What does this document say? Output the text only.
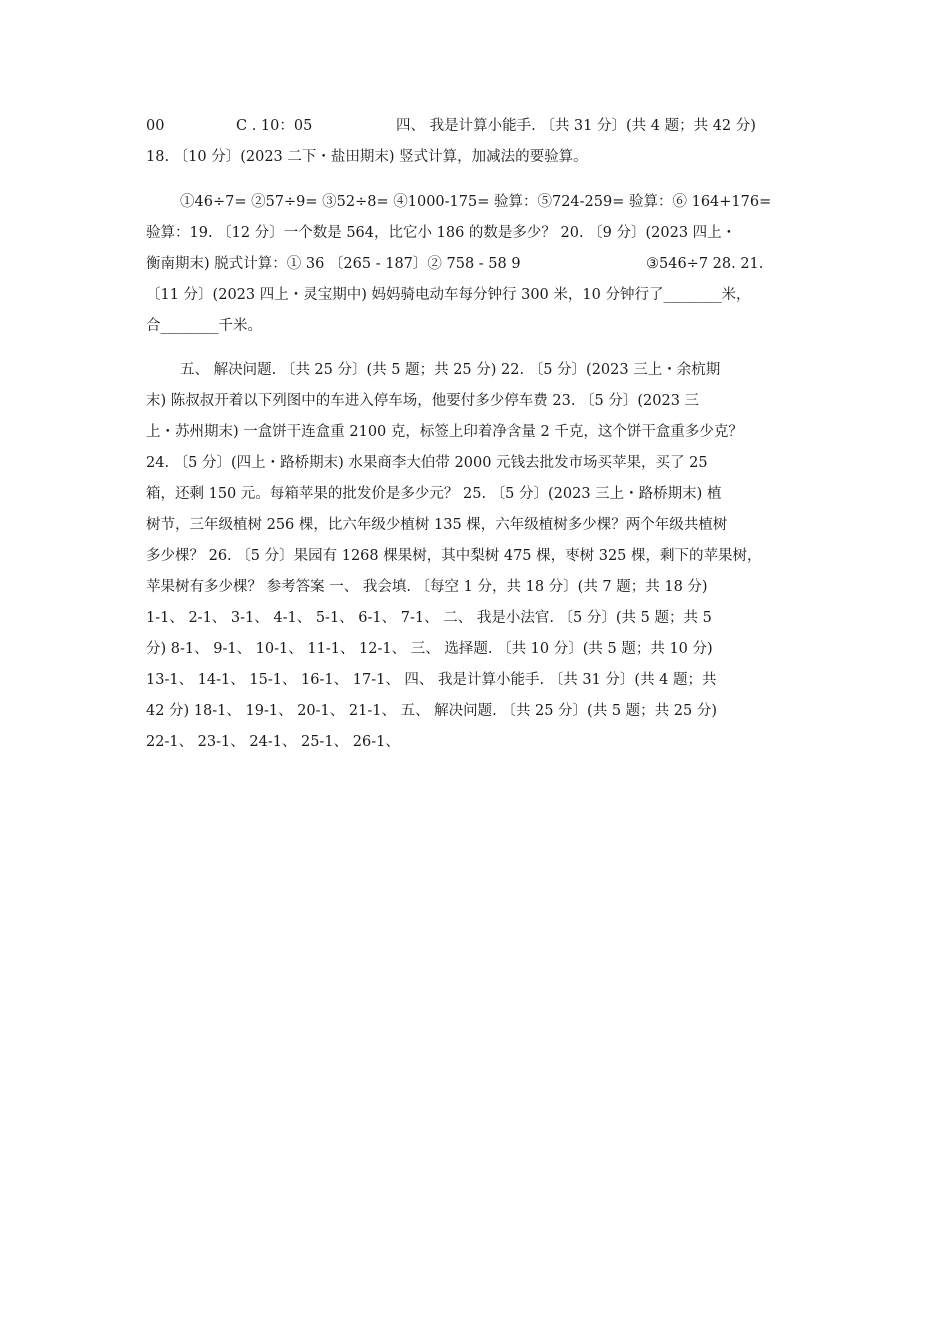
00	C . 10：05	四、 我是计算小能手. 〔共 31 分〕(共 4 题；共 42 分)
18. 〔10 分〕(2023 二下・盐田期末) 竖式计算，加减法的要验算。
①46÷7= ②57÷9= ③52÷8= ④1000-175= 验算：⑤724-259= 验算：⑥ 164+176=
验算：19. 〔12 分〕一个数是 564，比它小 186 的数是多少？ 20. 〔9 分〕(2023 四上・
衡南期末) 脱式计算：① 36 〔265 - 187〕② 758 - 58 9	③546÷7 28. 21.
〔11 分〕(2023 四上・灵宝期中) 妈妈骑电动车每分钟行 300 米，10 分钟行了________米，
合________千米。
五、 解决问题. 〔共 25 分〕(共 5 题；共 25 分) 22. 〔5 分〕(2023 三上・余杭期
末) 陈叔叔开着以下列图中的车进入停车场，他要付多少停车费 23. 〔5 分〕(2023 三
上・苏州期末) 一盒饼干连盒重 2100 克，标签上印着净含量 2 千克，这个饼干盒重多少克？
24. 〔5 分〕(四上・路桥期末) 水果商李大伯带 2000 元钱去批发市场买苹果，买了 25
箱，还剩 150 元。每箱苹果的批发价是多少元？ 25. 〔5 分〕(2023 三上・路桥期末) 植
树节，三年级植树 256 棵，比六年级少植树 135 棵，六年级植树多少棵？两个年级共植树
多少棵？ 26. 〔5 分〕果园有 1268 棵果树，其中梨树 475 棵，枣树 325 棵，剩下的苹果树，
苹果树有多少棵？ 参考答案 一、 我会填. 〔每空 1 分，共 18 分〕(共 7 题；共 18 分)
1-1、 2-1、 3-1、 4-1、 5-1、 6-1、 7-1、 二、 我是小法官. 〔5 分〕(共 5 题；共 5
分) 8-1、 9-1、 10-1、 11-1、 12-1、 三、 选择题. 〔共 10 分〕(共 5 题；共 10 分)
13-1、 14-1、 15-1、 16-1、 17-1、 四、 我是计算小能手. 〔共 31 分〕(共 4 题；共
42 分) 18-1、 19-1、 20-1、 21-1、 五、 解决问题. 〔共 25 分〕(共 5 题；共 25 分)
22-1、 23-1、 24-1、 25-1、 26-1、
